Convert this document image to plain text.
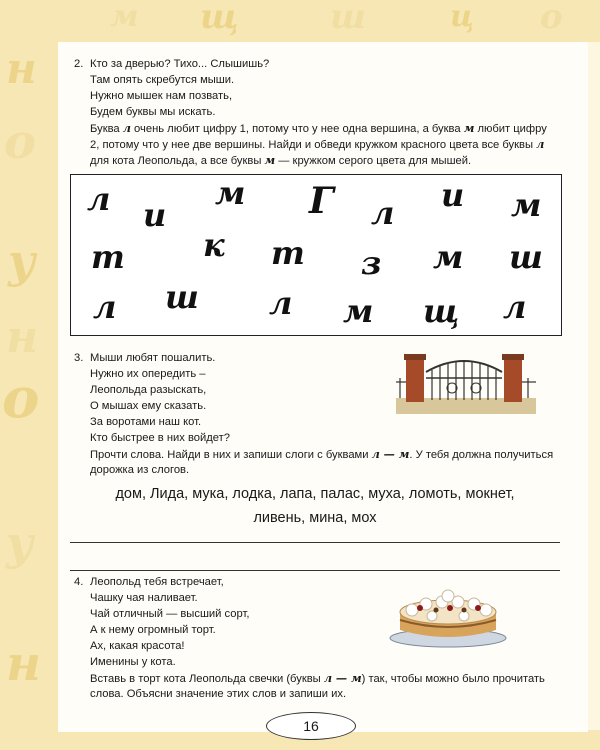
н
о
у
н
о
у
н
м щ	ш	ц о
2. Кто за дверью? Тихо... Слышишь?
Там опять скребутся мыши.
Нужно мышек нам позвать,
Будем буквы мы искать.
Буква л очень любит цифру 1, потому что у нее одна вершина, а буква м любит цифру
2, потому что у нее две вершины. Найди и обведи кружком красного цвета все буквы л
для кота Леопольда, а все буквы м — кружком серого цвета для мышей.
л и
м Г л и м
т к т з м ш
л ш л м щ л
3. Мыши любят пошалить.
Нужно их опередить –
Леопольда разыскать,
О мышах ему сказать.
За воротами наш кот.
Кто быстрее в них войдет?
Прочти слова. Найди в них и запиши слоги с буквами л — м. У тебя должна получиться
дорожка из слогов.
дом, Лида, мука, лодка, лапа, палас, муха, ломоть, мокнет,
ливень, мина, мох
4. Леопольд тебя встречает,
Чашку чая наливает.
Чай отличный — высший сорт,
А к нему огромный торт.
Ах, какая красота!
Именины у кота.
Вставь в торт кота Леопольда свечки (буквы л — м) так, чтобы можно было прочитать
слова. Объясни значение этих слов и запиши их.
16
